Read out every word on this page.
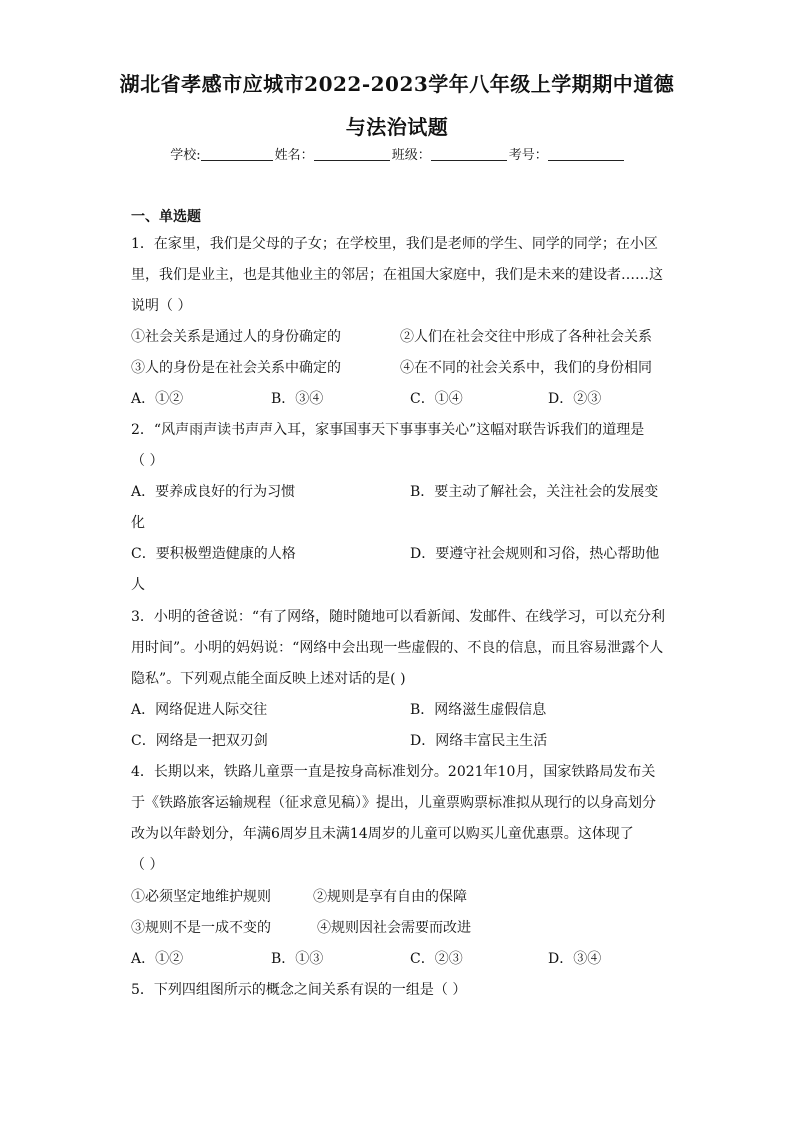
湖北省孝感市应城市2022-2023学年八年级上学期期中道德
与法治试题
学校:	姓名：	班级：	考号：
一、单选题
1．在家里，我们是父母的子女；在学校里，我们是老师的学生、同学的同学；在小区
里，我们是业主，也是其他业主的邻居；在祖国大家庭中，我们是未来的建设者……这
说明（ ）
①社会关系是通过人的身份确定的	②人们在社会交往中形成了各种社会关系
③人的身份是在社会关系中确定的	④在不同的社会关系中，我们的身份相同
A．①②	B．③④	C．①④	D．②③
2．“风声雨声读书声声入耳，家事国事天下事事事关心”这幅对联告诉我们的道理是
（ ）
A．要养成良好的行为习惯	B．要主动了解社会，关注社会的发展变
化
C．要积极塑造健康的人格	D．要遵守社会规则和习俗，热心帮助他
人
3．小明的爸爸说：“有了网络，随时随地可以看新闻、发邮件、在线学习，可以充分利
用时间”。小明的妈妈说：“网络中会出现一些虚假的、不良的信息，而且容易泄露个人
隐私”。下列观点能全面反映上述对话的是( )
A．网络促进人际交往	B．网络滋生虚假信息
C．网络是一把双刃剑	D．网络丰富民主生活
4．长期以来，铁路儿童票一直是按身高标准划分。2021年10月，国家铁路局发布关
于《铁路旅客运输规程（征求意见稿）》提出，儿童票购票标准拟从现行的以身高划分
改为以年龄划分，年满6周岁且未满14周岁的儿童可以购买儿童优惠票。这体现了
（ ）
①必须坚定地维护规则	②规则是享有自由的保障
③规则不是一成不变的	④规则因社会需要而改进
A．①②	B．①③	C．②③	D．③④
5．下列四组图所示的概念之间关系有误的一组是（ ）
